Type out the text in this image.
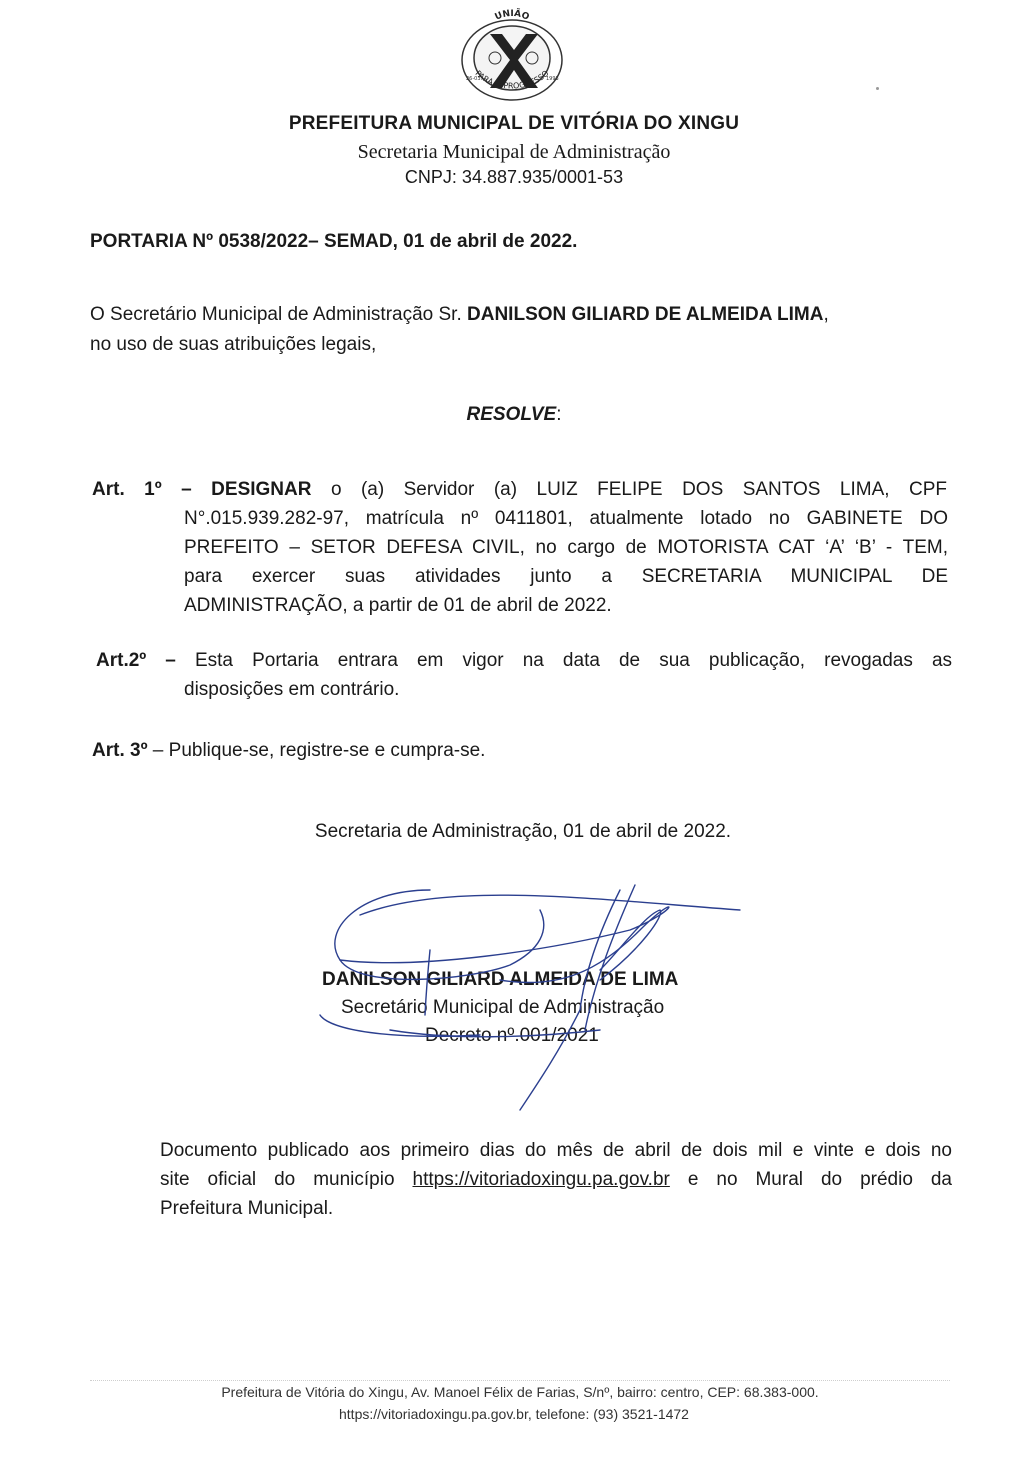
UNIÃO
PARA O PROGRESSO
26-03	1993
PREFEITURA MUNICIPAL DE VITÓRIA DO XINGU
Secretaria Municipal de Administração
CNPJ: 34.887.935/0001-53
PORTARIA Nº 0538/2022– SEMAD, 01 de abril de 2022.
O Secretário Municipal de Administração Sr. DANILSON GILIARD DE ALMEIDA LIMA,
no uso de suas atribuições legais,
RESOLVE:
Art. 1º – DESIGNAR o (a) Servidor (a) LUIZ FELIPE DOS SANTOS LIMA, CPF
N°.015.939.282-97, matrícula nº 0411801, atualmente lotado no GABINETE DO
PREFEITO – SETOR DEFESA CIVIL, no cargo de MOTORISTA CAT ‘A’ ‘B’ - TEM,
para exercer suas atividades junto a SECRETARIA MUNICIPAL DE
ADMINISTRAÇÃO, a partir de 01 de abril de 2022.
Art.2º – Esta Portaria entrara em vigor na data de sua publicação, revogadas as
disposições em contrário.
Art. 3º – Publique-se, registre-se e cumpra-se.
Secretaria de Administração, 01 de abril de 2022.
DANILSON GILIARD ALMEIDA DE LIMA
Secretário Municipal de Administração
Decreto nº.001/2021
Documento publicado aos primeiro dias do mês de abril de dois mil e vinte e dois no
site oficial do município https://vitoriadoxingu.pa.gov.br e no Mural do prédio da
Prefeitura Municipal.
Prefeitura de Vitória do Xingu, Av. Manoel Félix de Farias, S/nº, bairro: centro, CEP: 68.383-000.
https://vitoriadoxingu.pa.gov.br, telefone: (93) 3521-1472
